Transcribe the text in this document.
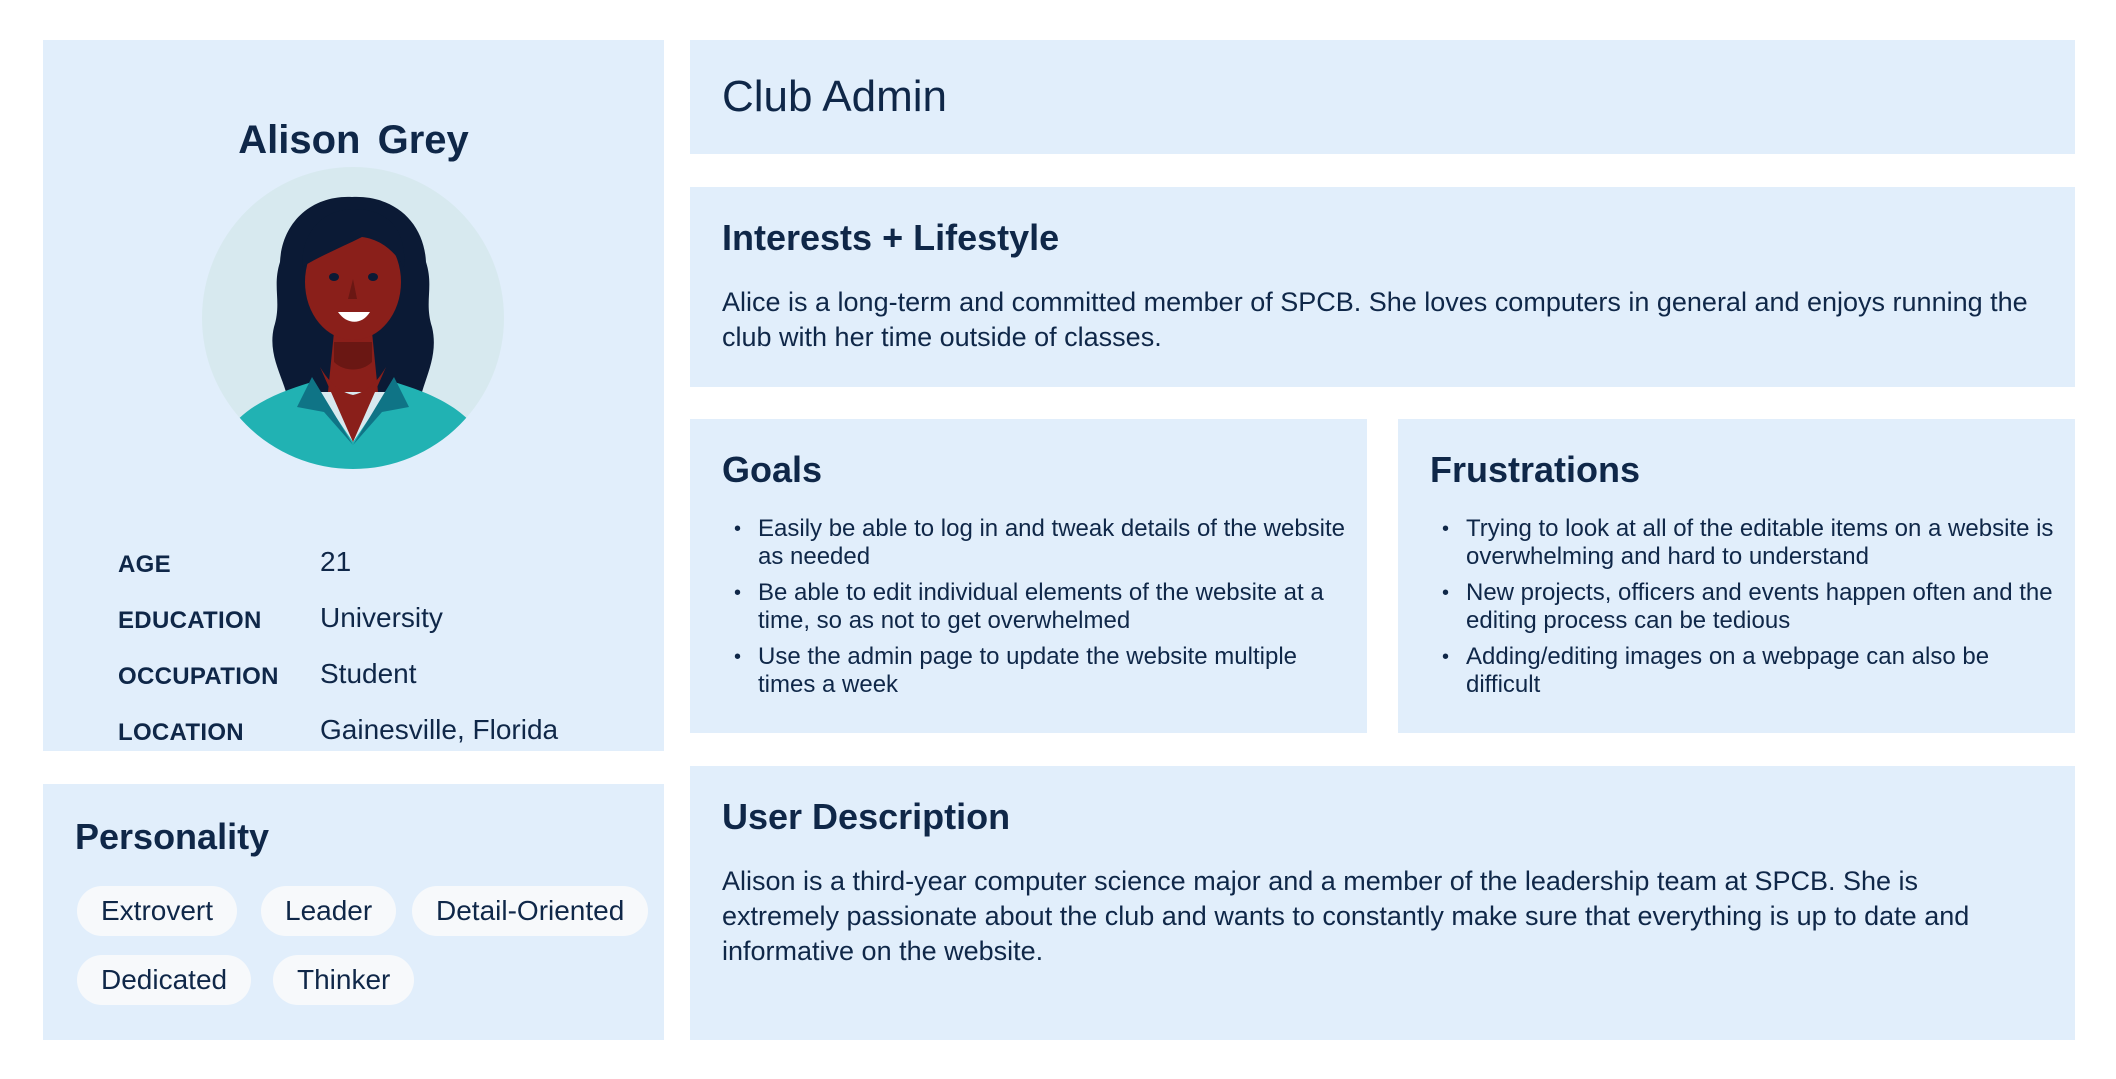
Alison Grey
AGE	21
EDUCATION University
OCCUPATION Student
LOCATION	Gainesville, Florida
Personality
Extrovert	Leader	Detail-Oriented
Dedicated	Thinker
Club Admin
Interests + Lifestyle
Alice is a long-term and committed member of SPCB. She loves computers in general and enjoys running the club with her time outside of classes.
Goals
• Easily be able to log in and tweak details of the website as needed
• Be able to edit individual elements of the website at a time, so as not to get overwhelmed
• Use the admin page to update the website multiple times a week
Frustrations
• Trying to look at all of the editable items on a website is overwhelming and hard to understand
• New projects, officers and events happen often and the editing process can be tedious
• Adding/editing images on a webpage can also be difficult
User Description
Alison is a third-year computer science major and a member of the leadership team at SPCB. She is extremely passionate about the club and wants to constantly make sure that everything is up to date and informative on the website.
